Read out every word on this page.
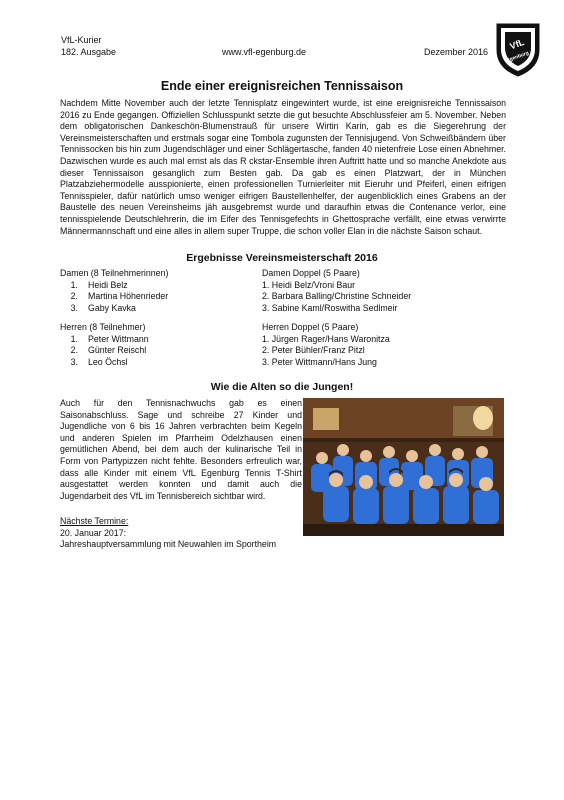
VfL-Kurier
182. Ausgabe	www.vfl-egenburg.de	Dezember 2016
VfL
Egenburg
Ende einer ereignisreichen Tennissaison

Nachdem Mitte November auch der letzte Tennisplatz eingewintert wurde, ist eine ereignisreiche Tennissaison 2016 zu Ende gegangen. Offiziellen Schlusspunkt setzte die gut besuchte Abschlussfeier am 5. November. Neben dem obligatorischen Dankeschön-Blumenstrauß für unsere Wirtin Karin, gab es die Siegerehrung der Vereinsmeisterschaften und erstmals sogar eine Tombola zugunsten der Tennisjugend. Von Schweißbändern über Tennissocken bis hin zum Jugendschläger und einer Schlägertasche, fanden 40 nietenfreie Lose einen Abnehmer. Dazwischen wurde es auch mal ernst als das R ckstar-Ensemble ihren Auftritt hatte und so manche Anekdote aus dieser Tennissaison gesanglich zum Besten gab. Da gab es einen Platzwart, der in München Platzabziehermodelle ausspionierte, einen professionellen Turnierleiter mit Eieruhr und Pfeiferl, einen eifrigen Tennisspieler, dafür natürlich umso weniger eifrigen Baustellenhelfer, der augenblicklich eines Grabens an der Baustelle des neuen Vereinsheims jäh ausgebremst wurde und daraufhin etwas die Contenance verlor, eine tennisspielende Deutschlehrerin, die im Eifer des Tennisgefechts in Ghettosprache verfällt, eine etwas verwirrte Männermannschaft und eine alles in allem super Truppe, die schon voller Elan in die nächste Saison schaut.

Ergebnisse Vereinsmeisterschaft 2016
Damen (8 Teilnehmerinnen)
1. Heidi Belz
2. Martina Höhenrieder
3. Gaby Kavka
Damen Doppel (5 Paare)
1. Heidi Belz/Vroni Baur
2. Barbara Balling/Christine Schneider
3. Sabine Kaml/Roswitha Sedlmeir
Herren (8 Teilnehmer)
1. Peter Wittmann
2. Günter Reischl
3. Leo Öchsl
Herren Doppel (5 Paare)
1. Jürgen Rager/Hans Waronitza
2. Peter Bühler/Franz Pitzl
3. Peter Wittmann/Hans Jung
Wie die Alten so die Jungen!

Auch für den Tennisnachwuchs gab es einen Saisonabschluss. Sage und schreibe 27 Kinder und Jugendliche von 6 bis 16 Jahren verbrachten beim Kegeln und anderen Spielen im Pfarrheim Odelzhausen einen gemütlichen Abend, bei dem auch der kulinarische Teil in Form von Partypizzen nicht fehlte. Besonders erfreulich war, dass alle Kinder mit einem VfL Egenburg Tennis T-Shirt ausgestattet werden konnten und damit auch die Jugendarbeit des VfL im Tennisbereich sichtbar wird.

Nächste Termine:
20. Januar 2017:
Jahreshauptversammlung mit Neuwahlen im Sportheim
